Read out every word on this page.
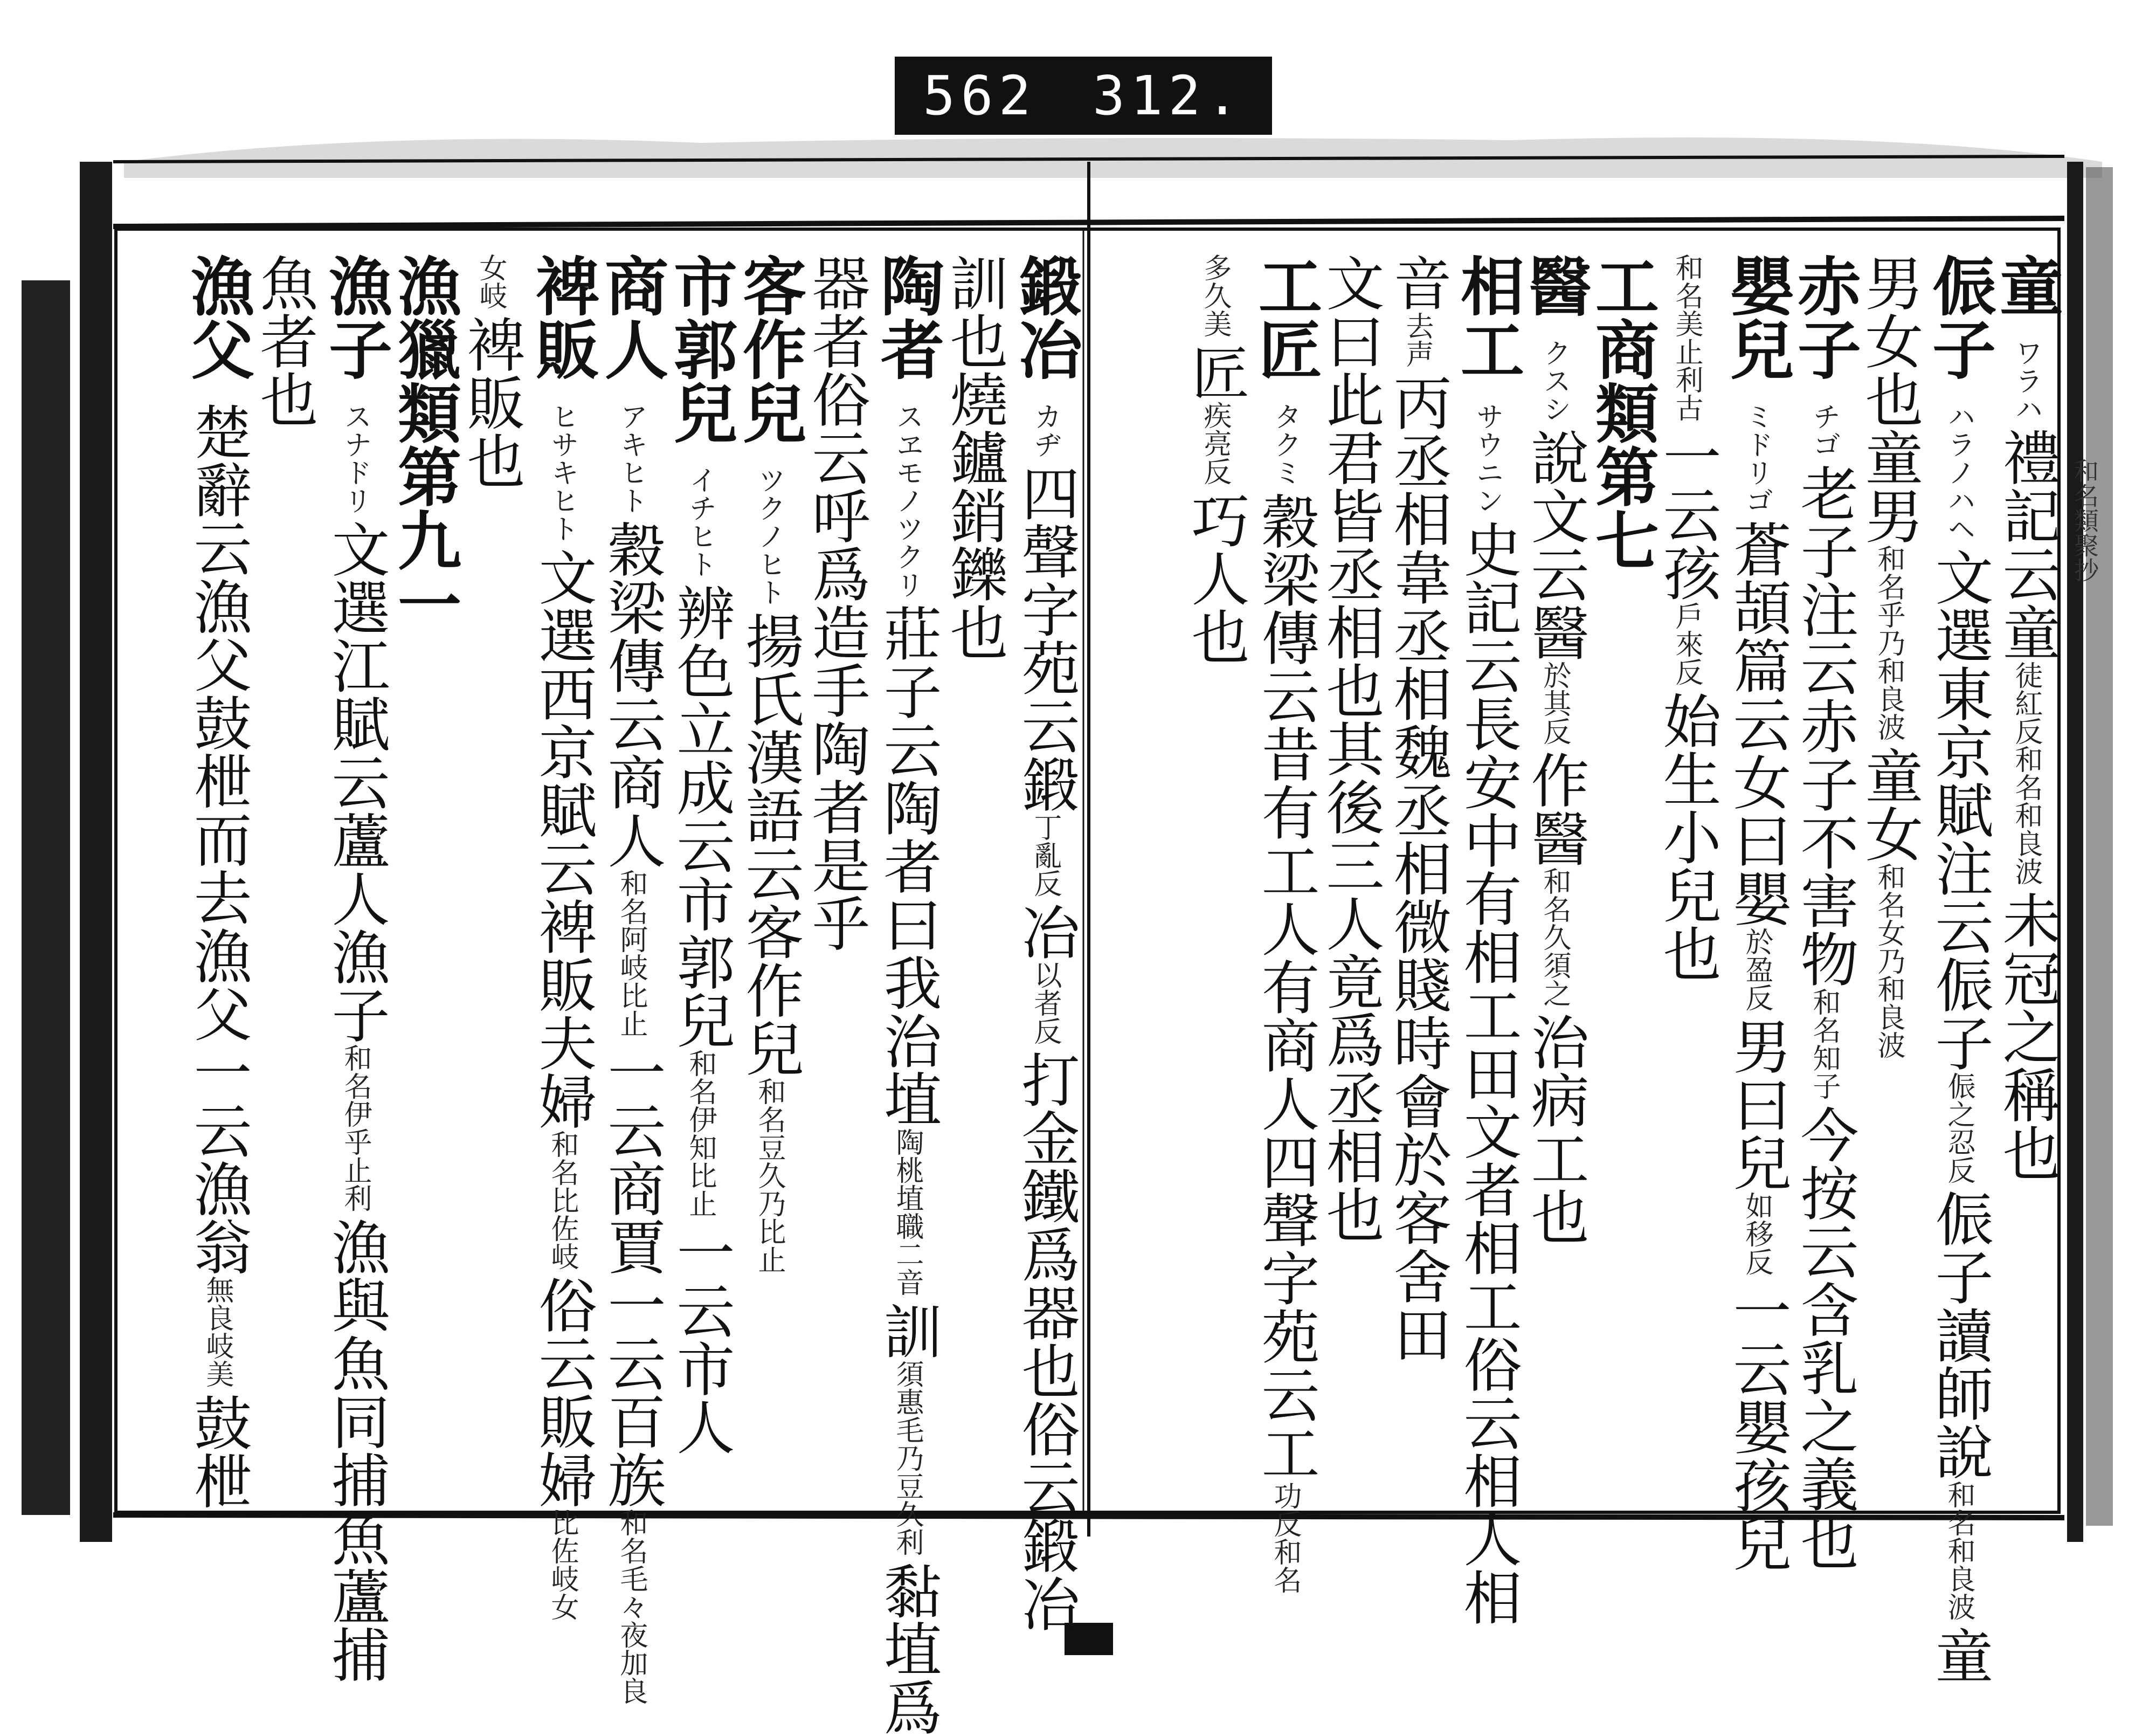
562 312.
和名類聚抄
童ワラハ禮記云童徒紅反和名和良波未冠之稱也
侲子ハラノハヘ文選東京賦注云侲子侲之忍反侲子讀師說和名和良波童
男女也童男和名乎乃和良波童女和名女乃和良波
赤子チゴ老子注云赤子不害物和名知子今按云含乳之義也
嬰兒ミドリゴ蒼頡篇云女曰嬰於盈反男曰兒如移反一云嬰孩兒
和名美止利古一云孩戶來反始生小兒也
工商類第七
醫クスシ說文云醫於其反作醫和名久須之治病工也
相工サウニン史記云長安中有相工田文者相工俗云相人相
音去声丙丞相韋丞相魏丞相微賤時會於客舍田
文曰此君皆丞相也其後三人竟爲丞相也
工匠タクミ穀梁傳云昔有工人有商人四聲字苑云工功反和名
多久美匠疾亮反巧人也
鍛冶カヂ四聲字苑云鍛丁亂反冶以者反打金鐵爲器也俗云鍛冶
訓也燒鑪銷鑠也
陶者スヱモノツクリ莊子云陶者曰我治埴陶桃埴職二音訓須惠毛乃豆久利黏埴爲
器者俗云呼爲造手陶者是乎
客作兒ツクノヒト揚氏漢語云客作兒和名豆久乃比止
市郭兒イチヒト辨色立成云市郭兒和名伊知比止一云市人
商人アキヒト穀梁傳云商人和名阿岐比止一云商賈一云百族和名毛々夜加良
裨販ヒサキヒト文選西京賦云裨販夫婦和名比佐岐俗云販婦比佐岐女
女岐裨販也
漁獵類第九一
漁子スナドリ文選江賦云蘆人漁子和名伊乎止利漁與魚同捕魚蘆捕
魚者也
漁父楚辭云漁父鼓枻而去漁父一云漁翁無良岐美鼓枻
